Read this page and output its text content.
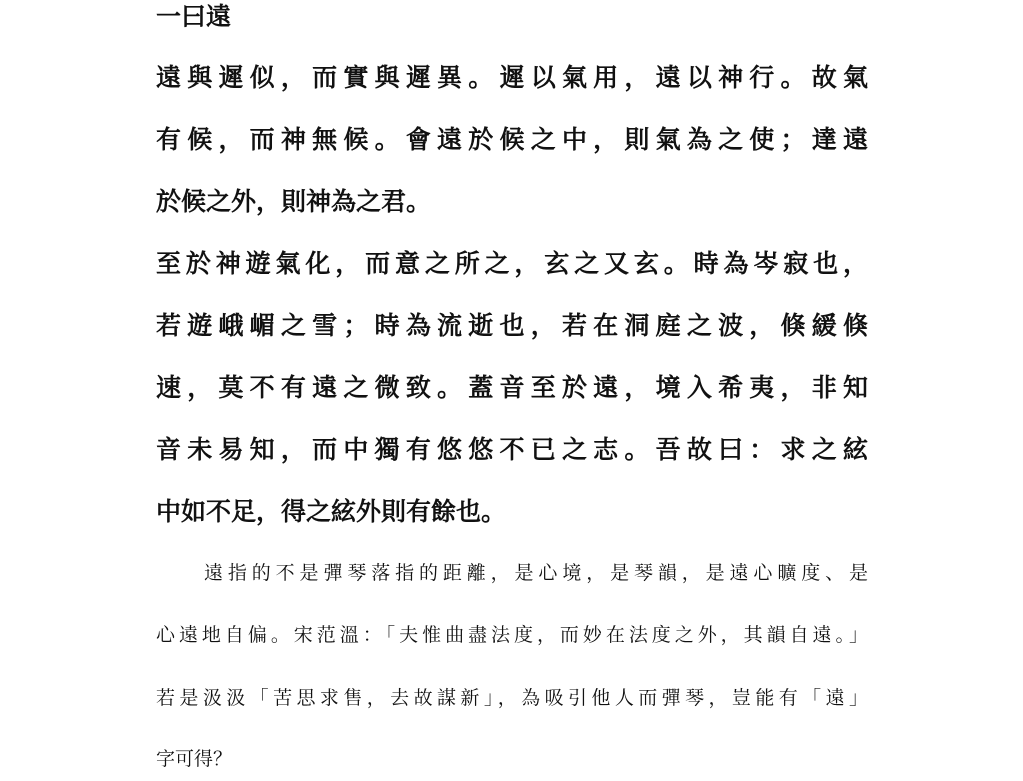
一曰遠
遠與遲似，而實與遲異。遲以氣用，遠以神行。故氣
有候，而神無候。會遠於候之中，則氣為之使；達遠
於候之外，則神為之君。
至於神遊氣化，而意之所之，玄之又玄。時為岑寂也，
若遊峨嵋之雪；時為流逝也，若在洞庭之波，倏緩倏
速，莫不有遠之微致。蓋音至於遠，境入希夷，非知
音未易知，而中獨有悠悠不已之志。吾故曰：求之絃
中如不足，得之絃外則有餘也。
遠指的不是彈琴落指的距離，是心境，是琴韻，是遠心曠度、是
心遠地自偏。宋范溫：「夫惟曲盡法度，而妙在法度之外，其韻自遠。」
若是汲汲「苦思求售，去故謀新」，為吸引他人而彈琴，豈能有「遠」
字可得？
